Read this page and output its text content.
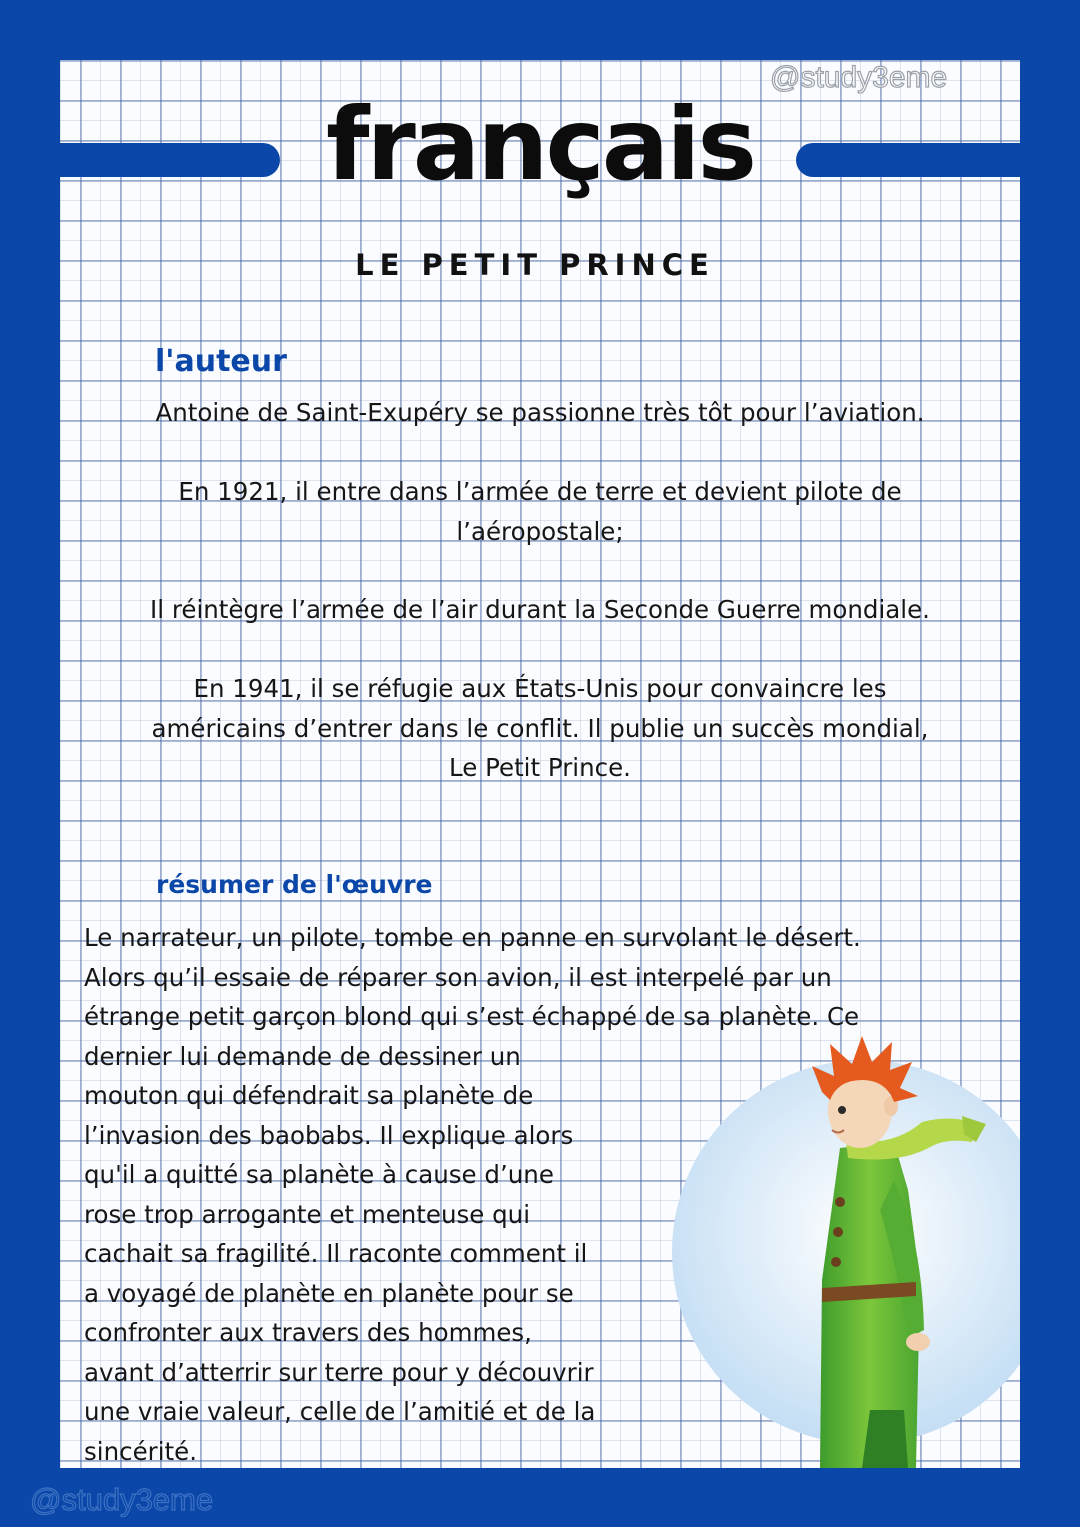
@study3eme
français
LE PETIT PRINCE
l'auteur
Antoine de Saint-Exupéry se passionne très tôt pour l’aviation.
En 1921, il entre dans l’armée de terre et devient pilote de
l’aéropostale;
Il réintègre l’armée de l’air durant la Seconde Guerre mondiale.
En 1941, il se réfugie aux États-Unis pour convaincre les
américains d’entrer dans le conflit. Il publie un succès mondial,
Le Petit Prince.
résumer de l'œuvre
Le narrateur, un pilote, tombe en panne en survolant le désert.
Alors qu’il essaie de réparer son avion, il est interpelé par un
étrange petit garçon blond qui s’est échappé de sa planète. Ce
dernier lui demande de dessiner un
mouton qui défendrait sa planète de
l’invasion des baobabs. Il explique alors
qu'il a quitté sa planète à cause d’une
rose trop arrogante et menteuse qui
cachait sa fragilité. Il raconte comment il
a voyagé de planète en planète pour se
confronter aux travers des hommes,
avant d’atterrir sur terre pour y découvrir
une vraie valeur, celle de l’amitié et de la
sincérité.
@study3eme
